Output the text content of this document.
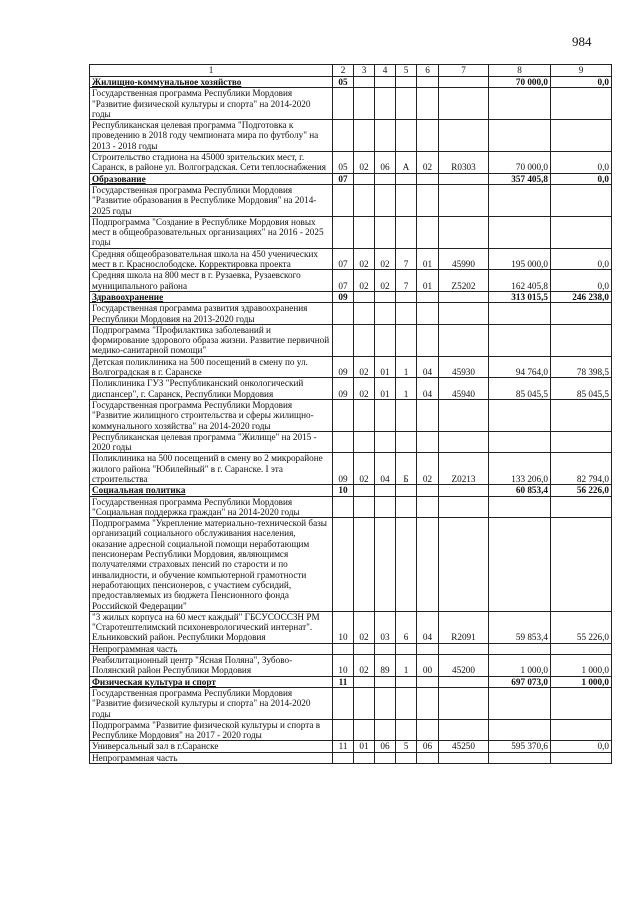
984
1	2	3	4	5	6	7	8	9
Жилищно-коммунальное хозяйство	05						70 000,0	0,0
Государственная программа Республики Мордовия "Развитие физической культуры и спорта" на 2014-2020 годы								
Республиканская целевая программа "Подготовка к проведению в 2018 году чемпионата мира по футболу" на 2013 - 2018 годы								
Строительство стадиона на 45000 зрительских мест, г. Саранск, в районе ул. Волгоградская. Сети теплоснабжения	05	02	06	А	02	R0303	70 000,0	0,0
Образование	07						357 405,8	0,0
Государственная программа Республики Мордовия "Развитие образования в Республике Мордовия" на 2014-2025 годы								
Подпрограмма "Создание в Республике Мордовия новых мест в общеобразовательных организациях" на 2016 - 2025 годы								
Средняя общеобразовательная школа на 450 ученических мест в г. Краснослободске. Корректировка проекта	07	02	02	7	01	45990	195 000,0	0,0
Средняя школа на 800 мест в г. Рузаевка, Рузаевского муниципального района	07	02	02	7	01	Z5202	162 405,8	0,0
Здравоохранение	09						313 015,5	246 238,0
Государственная программа развития здравоохранения Республики Мордовия на 2013-2020 годы								
Подпрограмма "Профилактика заболеваний и формирование здорового образа жизни. Развитие первичной медико-санитарной помощи"								
Детская поликлиника на 500 посещений в смену по ул. Волгоградская в г. Саранске	09	02	01	1	04	45930	94 764,0	78 398,5
Поликлиника ГУЗ "Республиканский онкологический диспансер", г. Саранск, Республики Мордовия	09	02	01	1	04	45940	85 045,5	85 045,5
Государственная программа Республики Мордовия "Развитие жилищного строительства и сферы жилищно-коммунального хозяйства" на 2014-2020 годы								
Республиканская целевая программа "Жилище" на 2015 - 2020 годы								
Поликлиника на 500 посещений в смену во 2 микрорайоне жилого района "Юбилейный" в г. Саранске. I эта строительства	09	02	04	Б	02	Z0213	133 206,0	82 794,0
Социальная политика	10						60 853,4	56 226,0
Государственная программа Республики Мордовия "Социальная поддержка граждан" на 2014-2020 годы								
Подпрограмма "Укрепление материально-технической базы организаций социального обслуживания населения, оказание адресной социальной помощи неработающим пенсионерам Республики Мордовия, являющимся получателями страховых пенсий по старости и по инвалидности, и обучение компьютерной грамотности неработающих пенсионеров, с участием субсидий, предоставляемых из бюджета Пенсионного фонда Российской Федерации"								
"3 жилых корпуса на 60 мест каждый" ГБСУСОССЗН РМ "Старотештелимский психоневрологический интернат". Ельниковский район. Республики Мордовия	10	02	03	6	04	R2091	59 853,4	55 226,0
Непрограммная часть								
Реабилитационный центр "Ясная Поляна", Зубово-Полянский район Республики Мордовия	10	02	89	1	00	45200	1 000,0	1 000,0
Физическая культура и спорт	11						697 073,0	1 000,0
Государственная программа Республики Мордовия "Развитие физической культуры и спорта" на 2014-2020 годы								
Подпрограмма "Развитие физической культуры и спорта в Республике Мордовия" на 2017 - 2020 годы								
Универсальный зал в г.Саранске	11	01	06	5	06	45250	595 370,6	0,0
Непрограммная часть								
